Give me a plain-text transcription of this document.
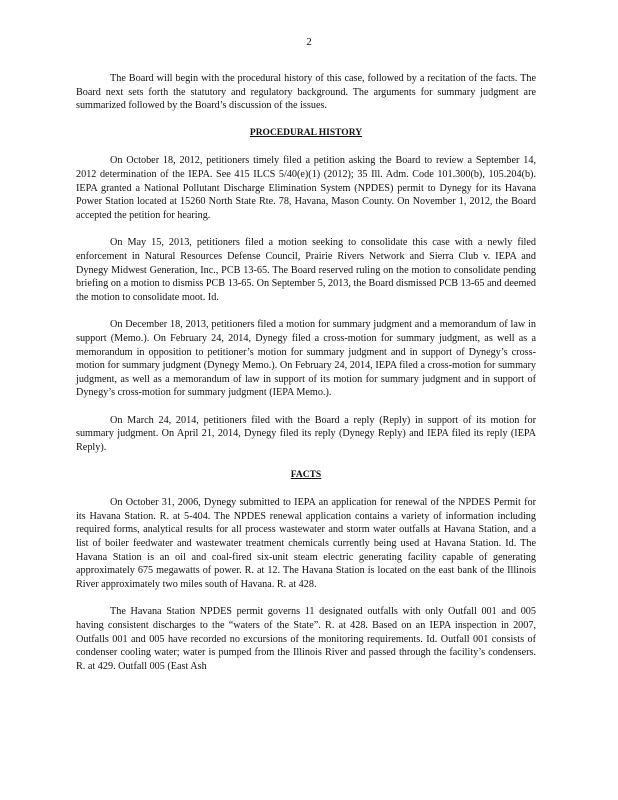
2

The Board will begin with the procedural history of this case, followed by a recitation of the facts. The Board next sets forth the statutory and regulatory background. The arguments for summary judgment are summarized followed by the Board’s discussion of the issues.

PROCEDURAL HISTORY

On October 18, 2012, petitioners timely filed a petition asking the Board to review a September 14, 2012 determination of the IEPA. See 415 ILCS 5/40(e)(1) (2012); 35 Ill. Adm. Code 101.300(b), 105.204(b). IEPA granted a National Pollutant Discharge Elimination System (NPDES) permit to Dynegy for its Havana Power Station located at 15260 North State Rte. 78, Havana, Mason County. On November 1, 2012, the Board accepted the petition for hearing.

On May 15, 2013, petitioners filed a motion seeking to consolidate this case with a newly filed enforcement in Natural Resources Defense Council, Prairie Rivers Network and Sierra Club v. IEPA and Dynegy Midwest Generation, Inc., PCB 13-65. The Board reserved ruling on the motion to consolidate pending briefing on a motion to dismiss PCB 13-65. On September 5, 2013, the Board dismissed PCB 13-65 and deemed the motion to consolidate moot. Id.

On December 18, 2013, petitioners filed a motion for summary judgment and a memorandum of law in support (Memo.). On February 24, 2014, Dynegy filed a cross-motion for summary judgment, as well as a memorandum in opposition to petitioner’s motion for summary judgment and in support of Dynegy’s cross-motion for summary judgment (Dynegy Memo.). On February 24, 2014, IEPA filed a cross-motion for summary judgment, as well as a memorandum of law in support of its motion for summary judgment and in support of Dynegy’s cross-motion for summary judgment (IEPA Memo.).

On March 24, 2014, petitioners filed with the Board a reply (Reply) in support of its motion for summary judgment. On April 21, 2014, Dynegy filed its reply (Dynegy Reply) and IEPA filed its reply (IEPA Reply).

FACTS

On October 31, 2006, Dynegy submitted to IEPA an application for renewal of the NPDES Permit for its Havana Station. R. at 5-404. The NPDES renewal application contains a variety of information including required forms, analytical results for all process wastewater and storm water outfalls at Havana Station, and a list of boiler feedwater and wastewater treatment chemicals currently being used at Havana Station. Id. The Havana Station is an oil and coal-fired six-unit steam electric generating facility capable of generating approximately 675 megawatts of power. R. at 12. The Havana Station is located on the east bank of the Illinois River approximately two miles south of Havana. R. at 428.

The Havana Station NPDES permit governs 11 designated outfalls with only Outfall 001 and 005 having consistent discharges to the “waters of the State”. R. at 428. Based on an IEPA inspection in 2007, Outfalls 001 and 005 have recorded no excursions of the monitoring requirements. Id. Outfall 001 consists of condenser cooling water; water is pumped from the Illinois River and passed through the facility’s condensers. R. at 429. Outfall 005 (East Ash
